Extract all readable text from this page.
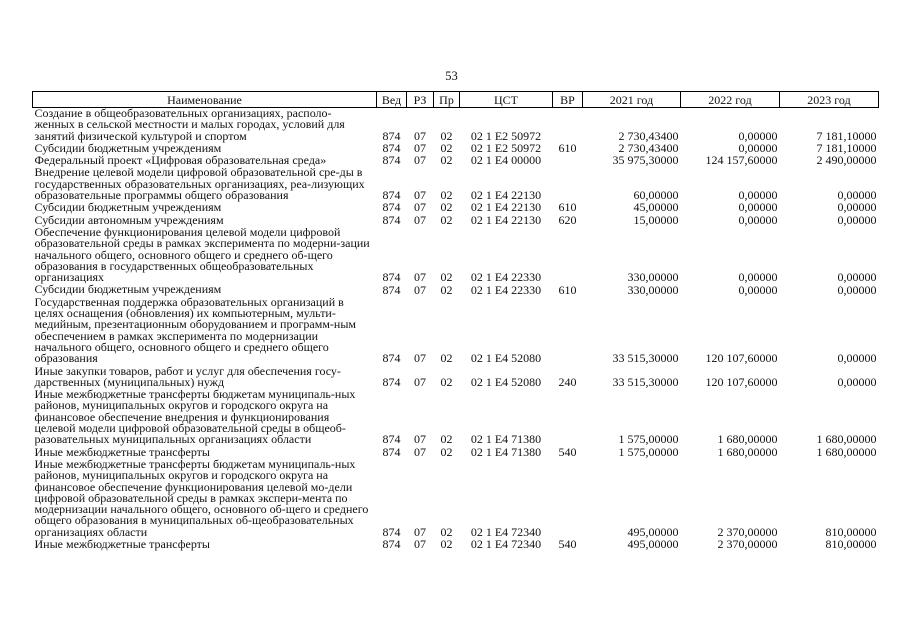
53
Наименование	Вед	РЗ	Пр	ЦСТ	ВР	2021 год	2022 год	2023 год
Создание в общеобразовательных организациях, располо-женных в сельской местности и малых городах, условий для занятий физической культурой и спортом	874	07	02	02 1 E2 50972		2 730,43400	0,00000	7 181,10000
Субсидии бюджетным учреждениям	874	07	02	02 1 E2 50972	610	2 730,43400	0,00000	7 181,10000
Федеральный проект «Цифровая образовательная среда»	874	07	02	02 1 E4 00000		35 975,30000	124 157,60000	2 490,00000
Внедрение целевой модели цифровой образовательной сре-ды в государственных образовательных организациях, реа-лизующих образовательные программы общего образования	874	07	02	02 1 E4 22130		60,00000	0,00000	0,00000
Субсидии бюджетным учреждениям	874	07	02	02 1 E4 22130	610	45,00000	0,00000	0,00000
Субсидии автономным учреждениям	874	07	02	02 1 E4 22130	620	15,00000	0,00000	0,00000
Обеспечение функционирования целевой модели цифровой образовательной среды в рамках эксперимента по модерни-зации начального общего, основного общего и среднего об-щего образования в государственных общеобразовательных организациях	874	07	02	02 1 E4 22330		330,00000	0,00000	0,00000
Субсидии бюджетным учреждениям	874	07	02	02 1 E4 22330	610	330,00000	0,00000	0,00000
Государственная поддержка образовательных организаций в целях оснащения (обновления) их компьютерным, мульти-медийным, презентационным оборудованием и программ-ным обеспечением в рамках эксперимента по модернизации начального общего, основного общего и среднего общего образования	874	07	02	02 1 E4 52080		33 515,30000	120 107,60000	0,00000
Иные закупки товаров, работ и услуг для обеспечения госу-дарственных (муниципальных) нужд	874	07	02	02 1 E4 52080	240	33 515,30000	120 107,60000	0,00000
Иные межбюджетные трансферты бюджетам муниципаль-ных районов, муниципальных округов и городского округа на финансовое обеспечение внедрения и функционирования целевой модели цифровой образовательной среды в общеоб-разовательных муниципальных организациях области	874	07	02	02 1 E4 71380		1 575,00000	1 680,00000	1 680,00000
Иные межбюджетные трансферты	874	07	02	02 1 E4 71380	540	1 575,00000	1 680,00000	1 680,00000
Иные межбюджетные трансферты бюджетам муниципаль-ных районов, муниципальных округов и городского округа на финансовое обеспечение функционирования целевой мо-дели цифровой образовательной среды в рамках экспери-мента по модернизации начального общего, основного об-щего и среднего общего образования в муниципальных об-щеобразовательных организациях области	874	07	02	02 1 E4 72340		495,00000	2 370,00000	810,00000
Иные межбюджетные трансферты	874	07	02	02 1 E4 72340	540	495,00000	2 370,00000	810,00000
